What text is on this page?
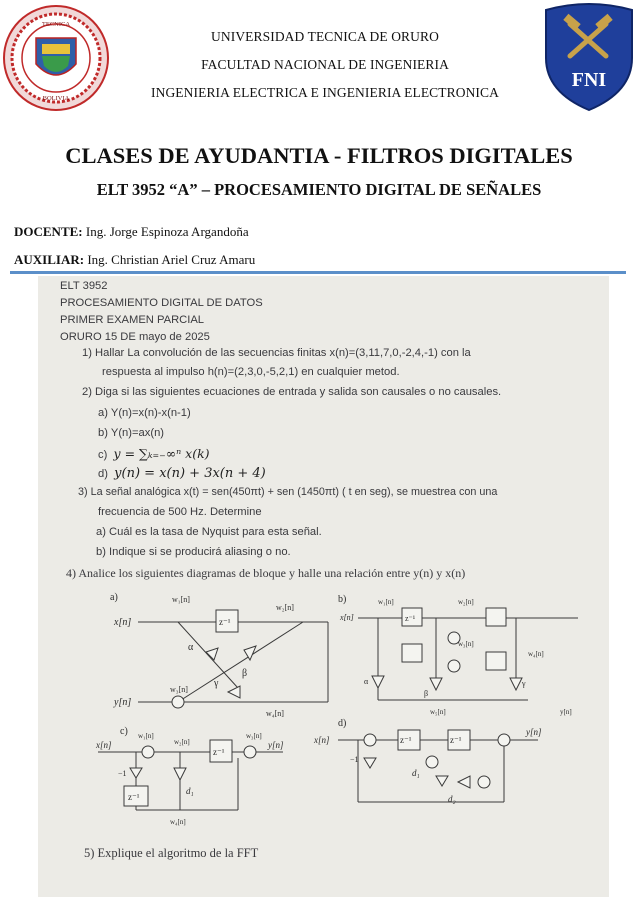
TECNICA
BOLIVIA
FNI
UNIVERSIDAD TECNICA DE ORURO
FACULTAD NACIONAL DE INGENIERIA
INGENIERIA ELECTRICA E INGENIERIA ELECTRONICA
CLASES DE AYUDANTIA - FILTROS DIGITALES
ELT 3952 “A” – PROCESAMIENTO DIGITAL DE SEÑALES
DOCENTE: Ing. Jorge Espinoza Argandoña
AUXILIAR: Ing. Christian Ariel Cruz Amaru
ELT 3952
PROCESAMIENTO DIGITAL DE DATOS
PRIMER EXAMEN PARCIAL
ORURO 15 DE mayo de 2025
1) Hallar La convolución de las secuencias finitas x(n)=(3,11,7,0,-2,4,-1) con la
respuesta al impulso h(n)=(2,3,0,-5,2,1) en cualquier metod.
2) Diga si las siguientes ecuaciones de entrada y salida son causales o no causales.
a) Y(n)=x(n)-x(n-1)
b) Y(n)=ax(n)
c) y = ∑ₖ₌₋∞ⁿ x(k)
d) y(n) = x(n) + 3x(n + 4)
3) La señal analógica x(t) = sen(450πt) + sen (1450πt) ( t en seg), se muestrea con una
frecuencia de 500 Hz. Determine
a) Cuál es la tasa de Nyquist para esta señal.
b) Indique si se producirá aliasing o no.
4) Analice los siguientes diagramas de bloque y halle una relación entre y(n) y x(n)
a)
x[n]
y[n]
z⁻¹
w₁[n]
w₂[n]
w₃[n]
w₄[n]
α
β
γ
b)
x[n]	z⁻¹
w₁[n]	w₂[n]
w₃[n]
w₄[n]
w₅[n]
α
β
γ
y[n]
c)
x[n]	y[n]
z⁻¹
z⁻¹
−1
d₁
w₁[n]
w₂[n]
w₃[n]
w₄[n]
d)
x[n]
y[n]
z⁻¹	z⁻¹
−1
d₁
d₂
5) Explique el algoritmo de la FFT
